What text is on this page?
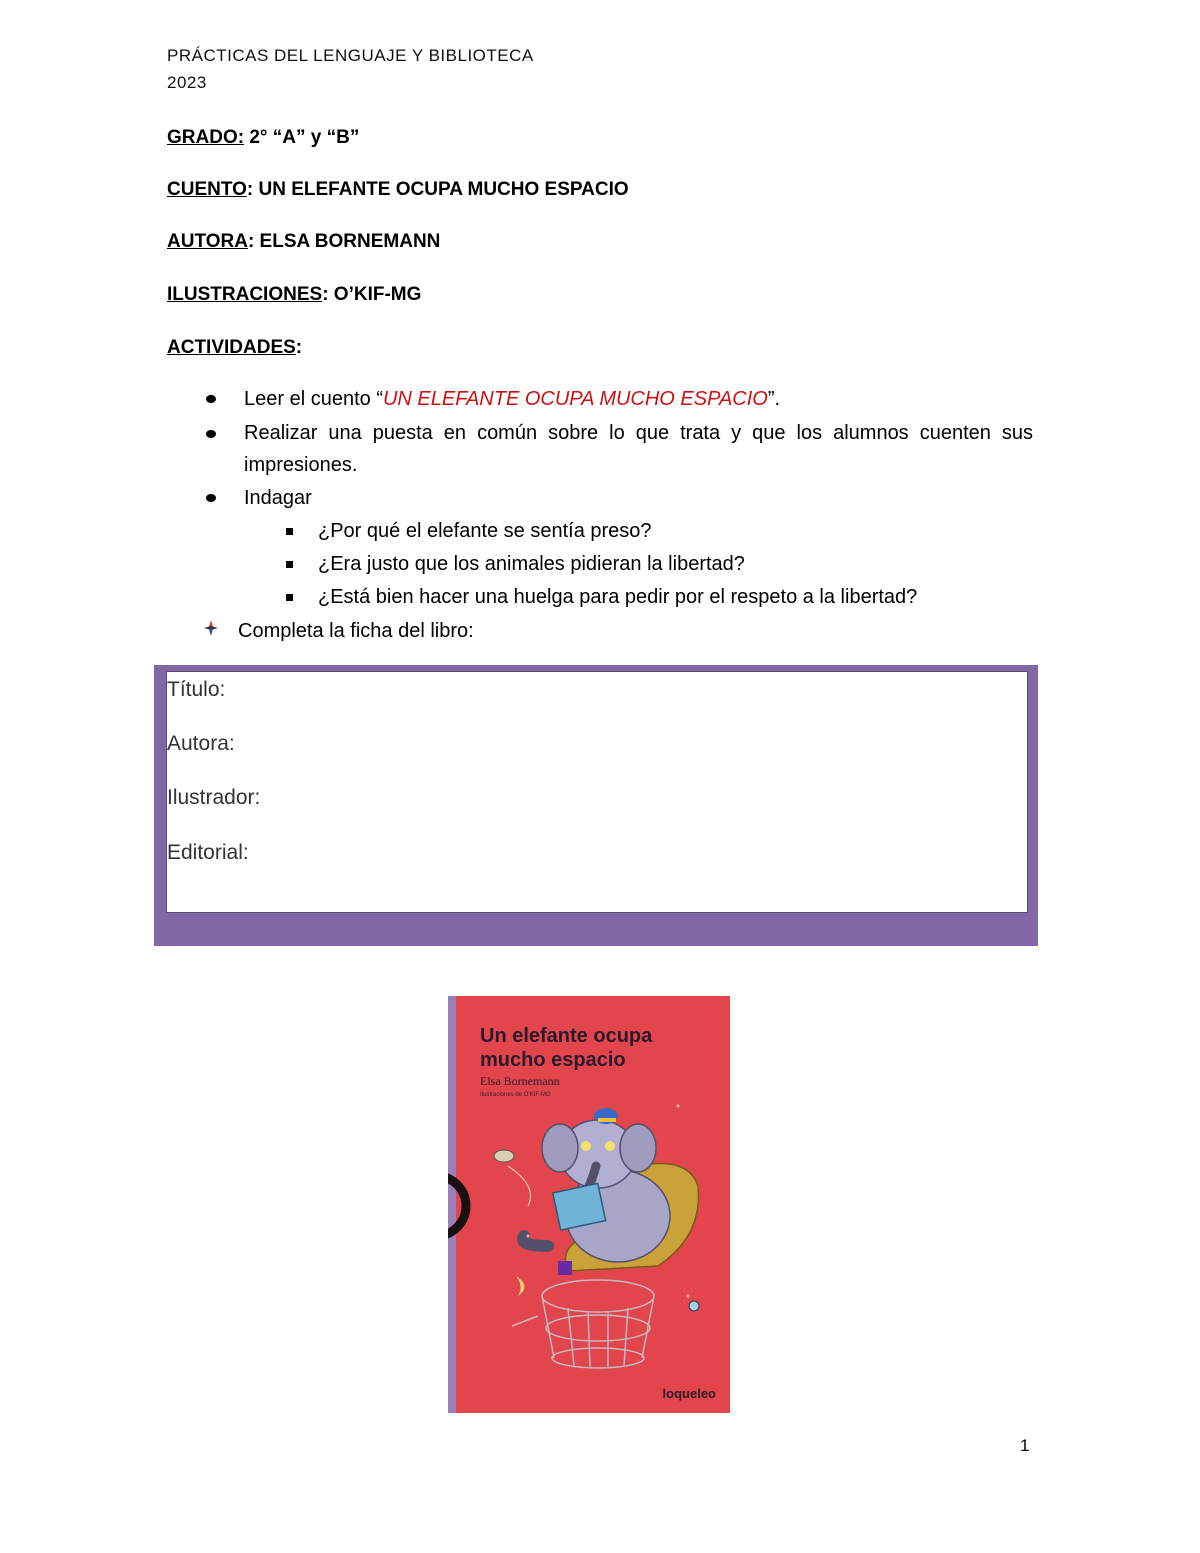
PRÁCTICAS DEL LENGUAJE Y BIBLIOTECA
2023
GRADO: 2° “A” y “B”
CUENTO: UN ELEFANTE OCUPA MUCHO ESPACIO
AUTORA: ELSA BORNEMANN
ILUSTRACIONES: O’KIF-MG
ACTIVIDADES:
Leer el cuento “UN ELEFANTE OCUPA MUCHO ESPACIO”.
Realizar una puesta en común sobre lo que trata y que los alumnos cuenten sus
impresiones.
Indagar
¿Por qué el elefante se sentía preso?
¿Era justo que los animales pidieran la libertad?
¿Está bien hacer una huelga para pedir por el respeto a la libertad?
Completa la ficha del libro:
Título:
Autora:
Ilustrador:
Editorial:
Un elefante ocupa
mucho espacio
Elsa Bornemann
Ilustraciones de O’KIF-MG
loqueleo
1
